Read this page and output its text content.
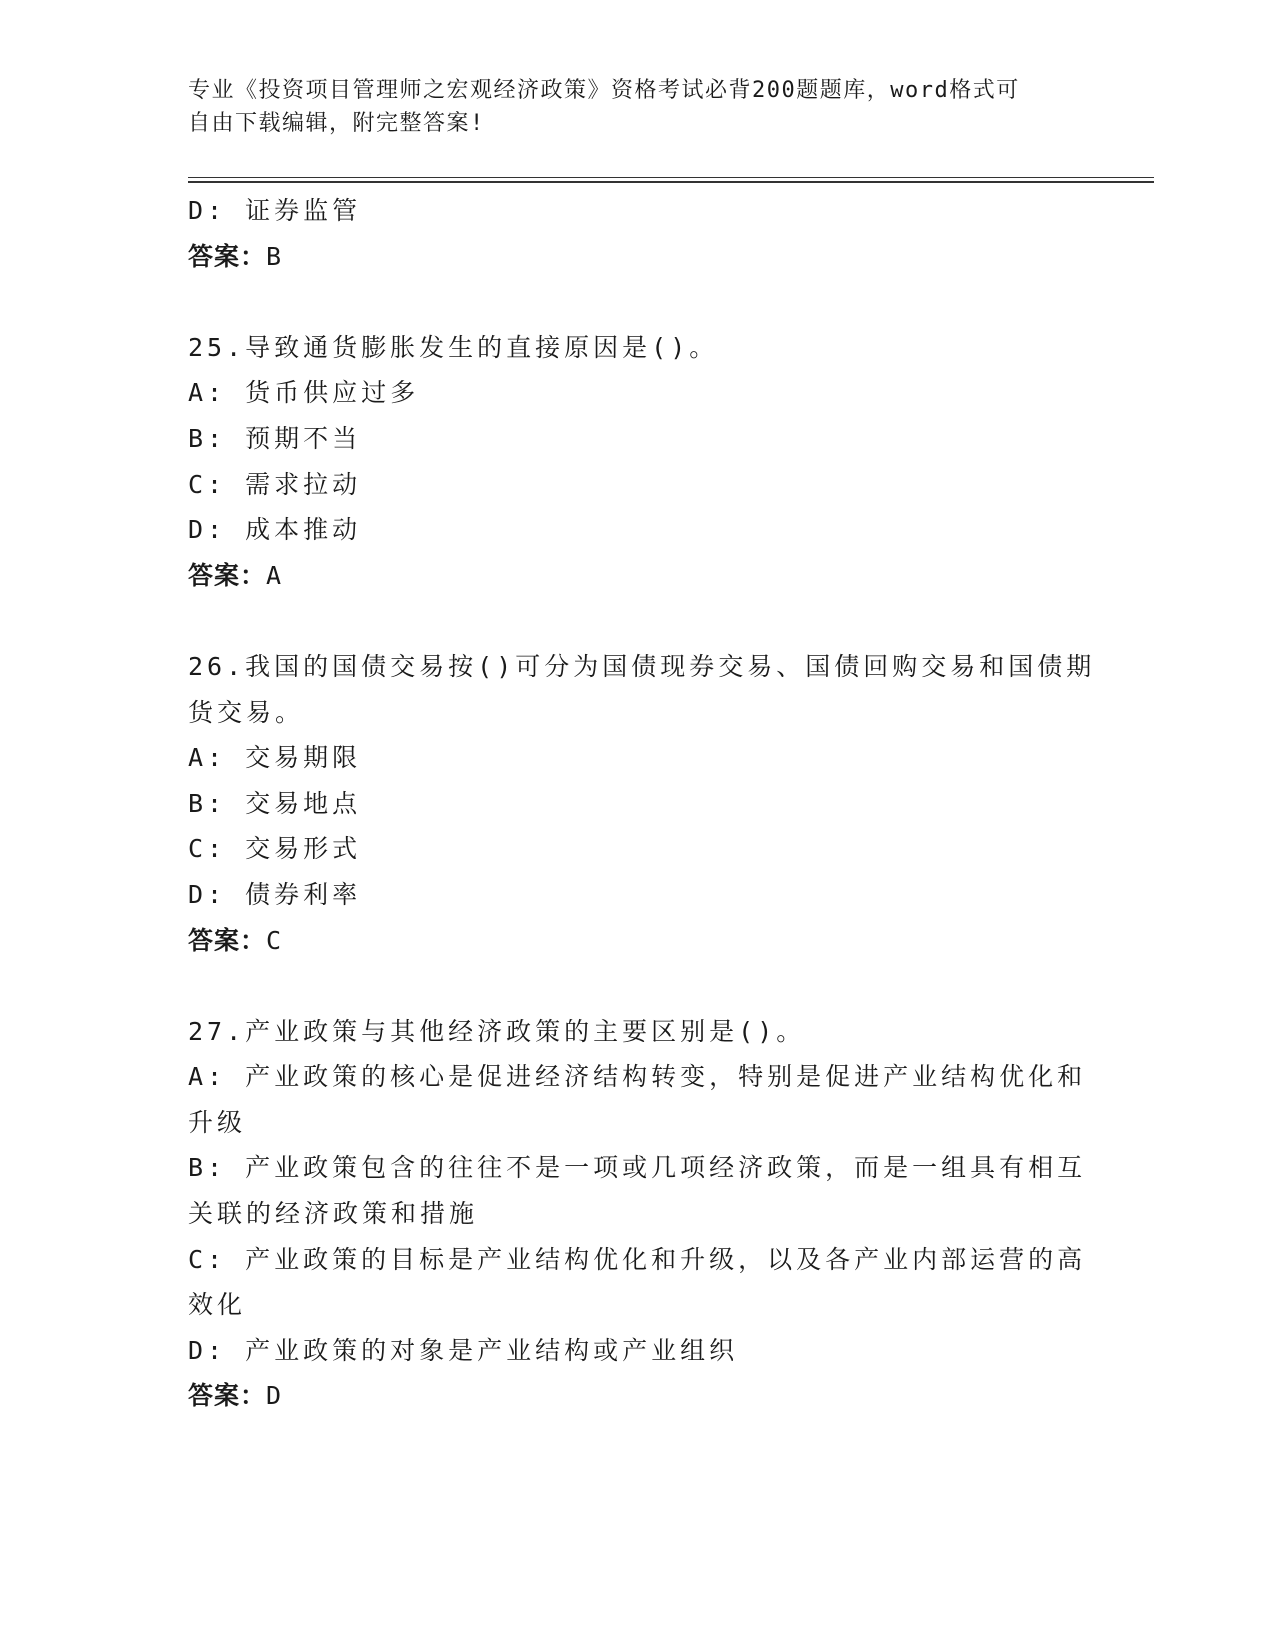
专业《投资项目管理师之宏观经济政策》资格考试必背200题题库，word格式可
自由下载编辑，附完整答案!
D: 证券监管
答案：B
25.导致通货膨胀发生的直接原因是()。
A: 货币供应过多
B: 预期不当
C: 需求拉动
D: 成本推动
答案：A
26.我国的国债交易按()可分为国债现券交易、国债回购交易和国债期
货交易。
A: 交易期限
B: 交易地点
C: 交易形式
D: 债券利率
答案：C
27.产业政策与其他经济政策的主要区别是()。
A: 产业政策的核心是促进经济结构转变，特别是促进产业结构优化和
升级
B: 产业政策包含的往往不是一项或几项经济政策，而是一组具有相互
关联的经济政策和措施
C: 产业政策的目标是产业结构优化和升级，以及各产业内部运营的高
效化
D: 产业政策的对象是产业结构或产业组织
答案：D
